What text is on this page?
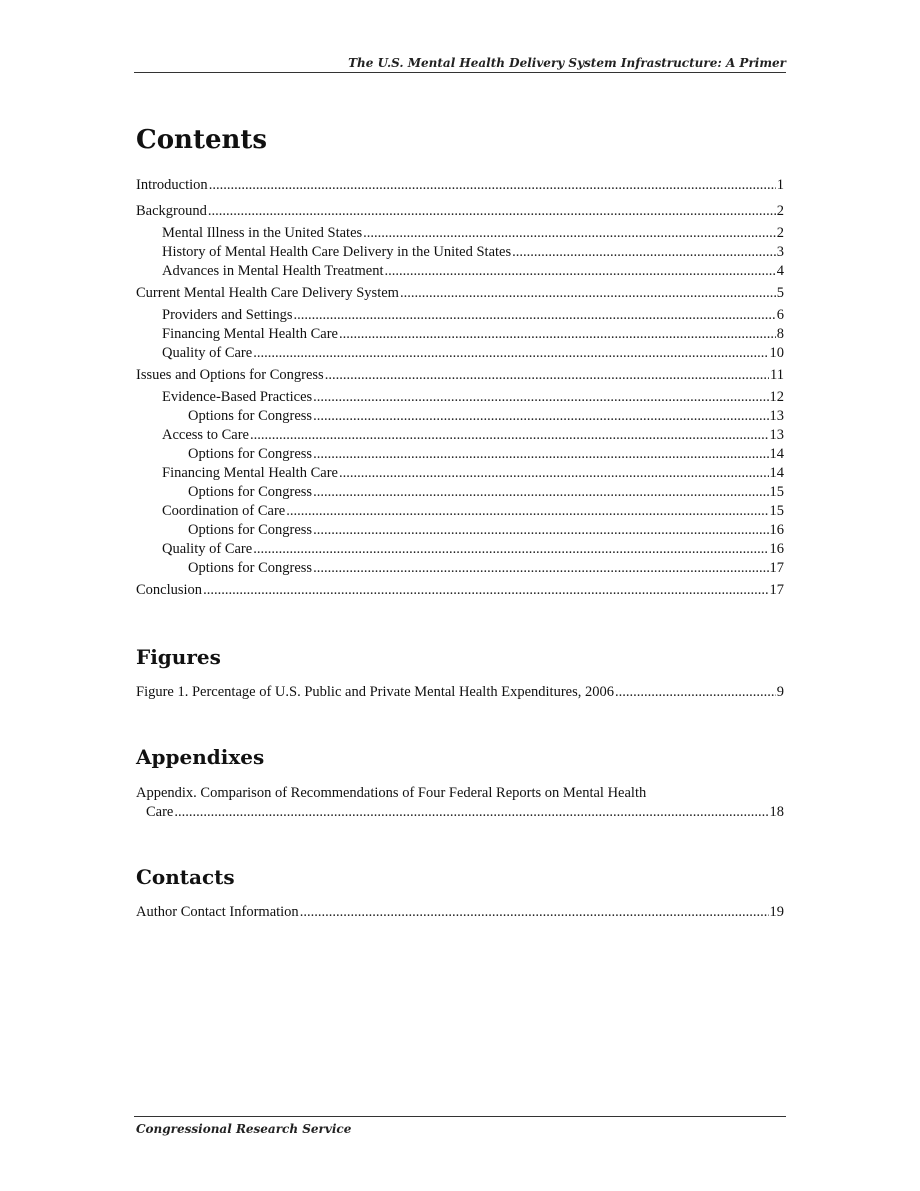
The U.S. Mental Health Delivery System Infrastructure: A Primer
Contents
Introduction .....	1
Background .....	2
Mental Illness in the United States .....	2
History of Mental Health Care Delivery in the United States .....	3
Advances in Mental Health Treatment .....	4
Current Mental Health Care Delivery System .....	5
Providers and Settings .....	6
Financing Mental Health Care .....	8
Quality of Care .....	10
Issues and Options for Congress .....	11
Evidence-Based Practices .....	12
Options for Congress .....	13
Access to Care .....	13
Options for Congress .....	14
Financing Mental Health Care .....	14
Options for Congress .....	15
Coordination of Care .....	15
Options for Congress .....	16
Quality of Care .....	16
Options for Congress .....	17
Conclusion .....	17
Figures
Figure 1. Percentage of U.S. Public and Private Mental Health Expenditures, 2006 .....	9
Appendixes
Appendix. Comparison of Recommendations of Four Federal Reports on Mental Health
Care .....	18
Contacts
Author Contact Information .....	19
Congressional Research Service
